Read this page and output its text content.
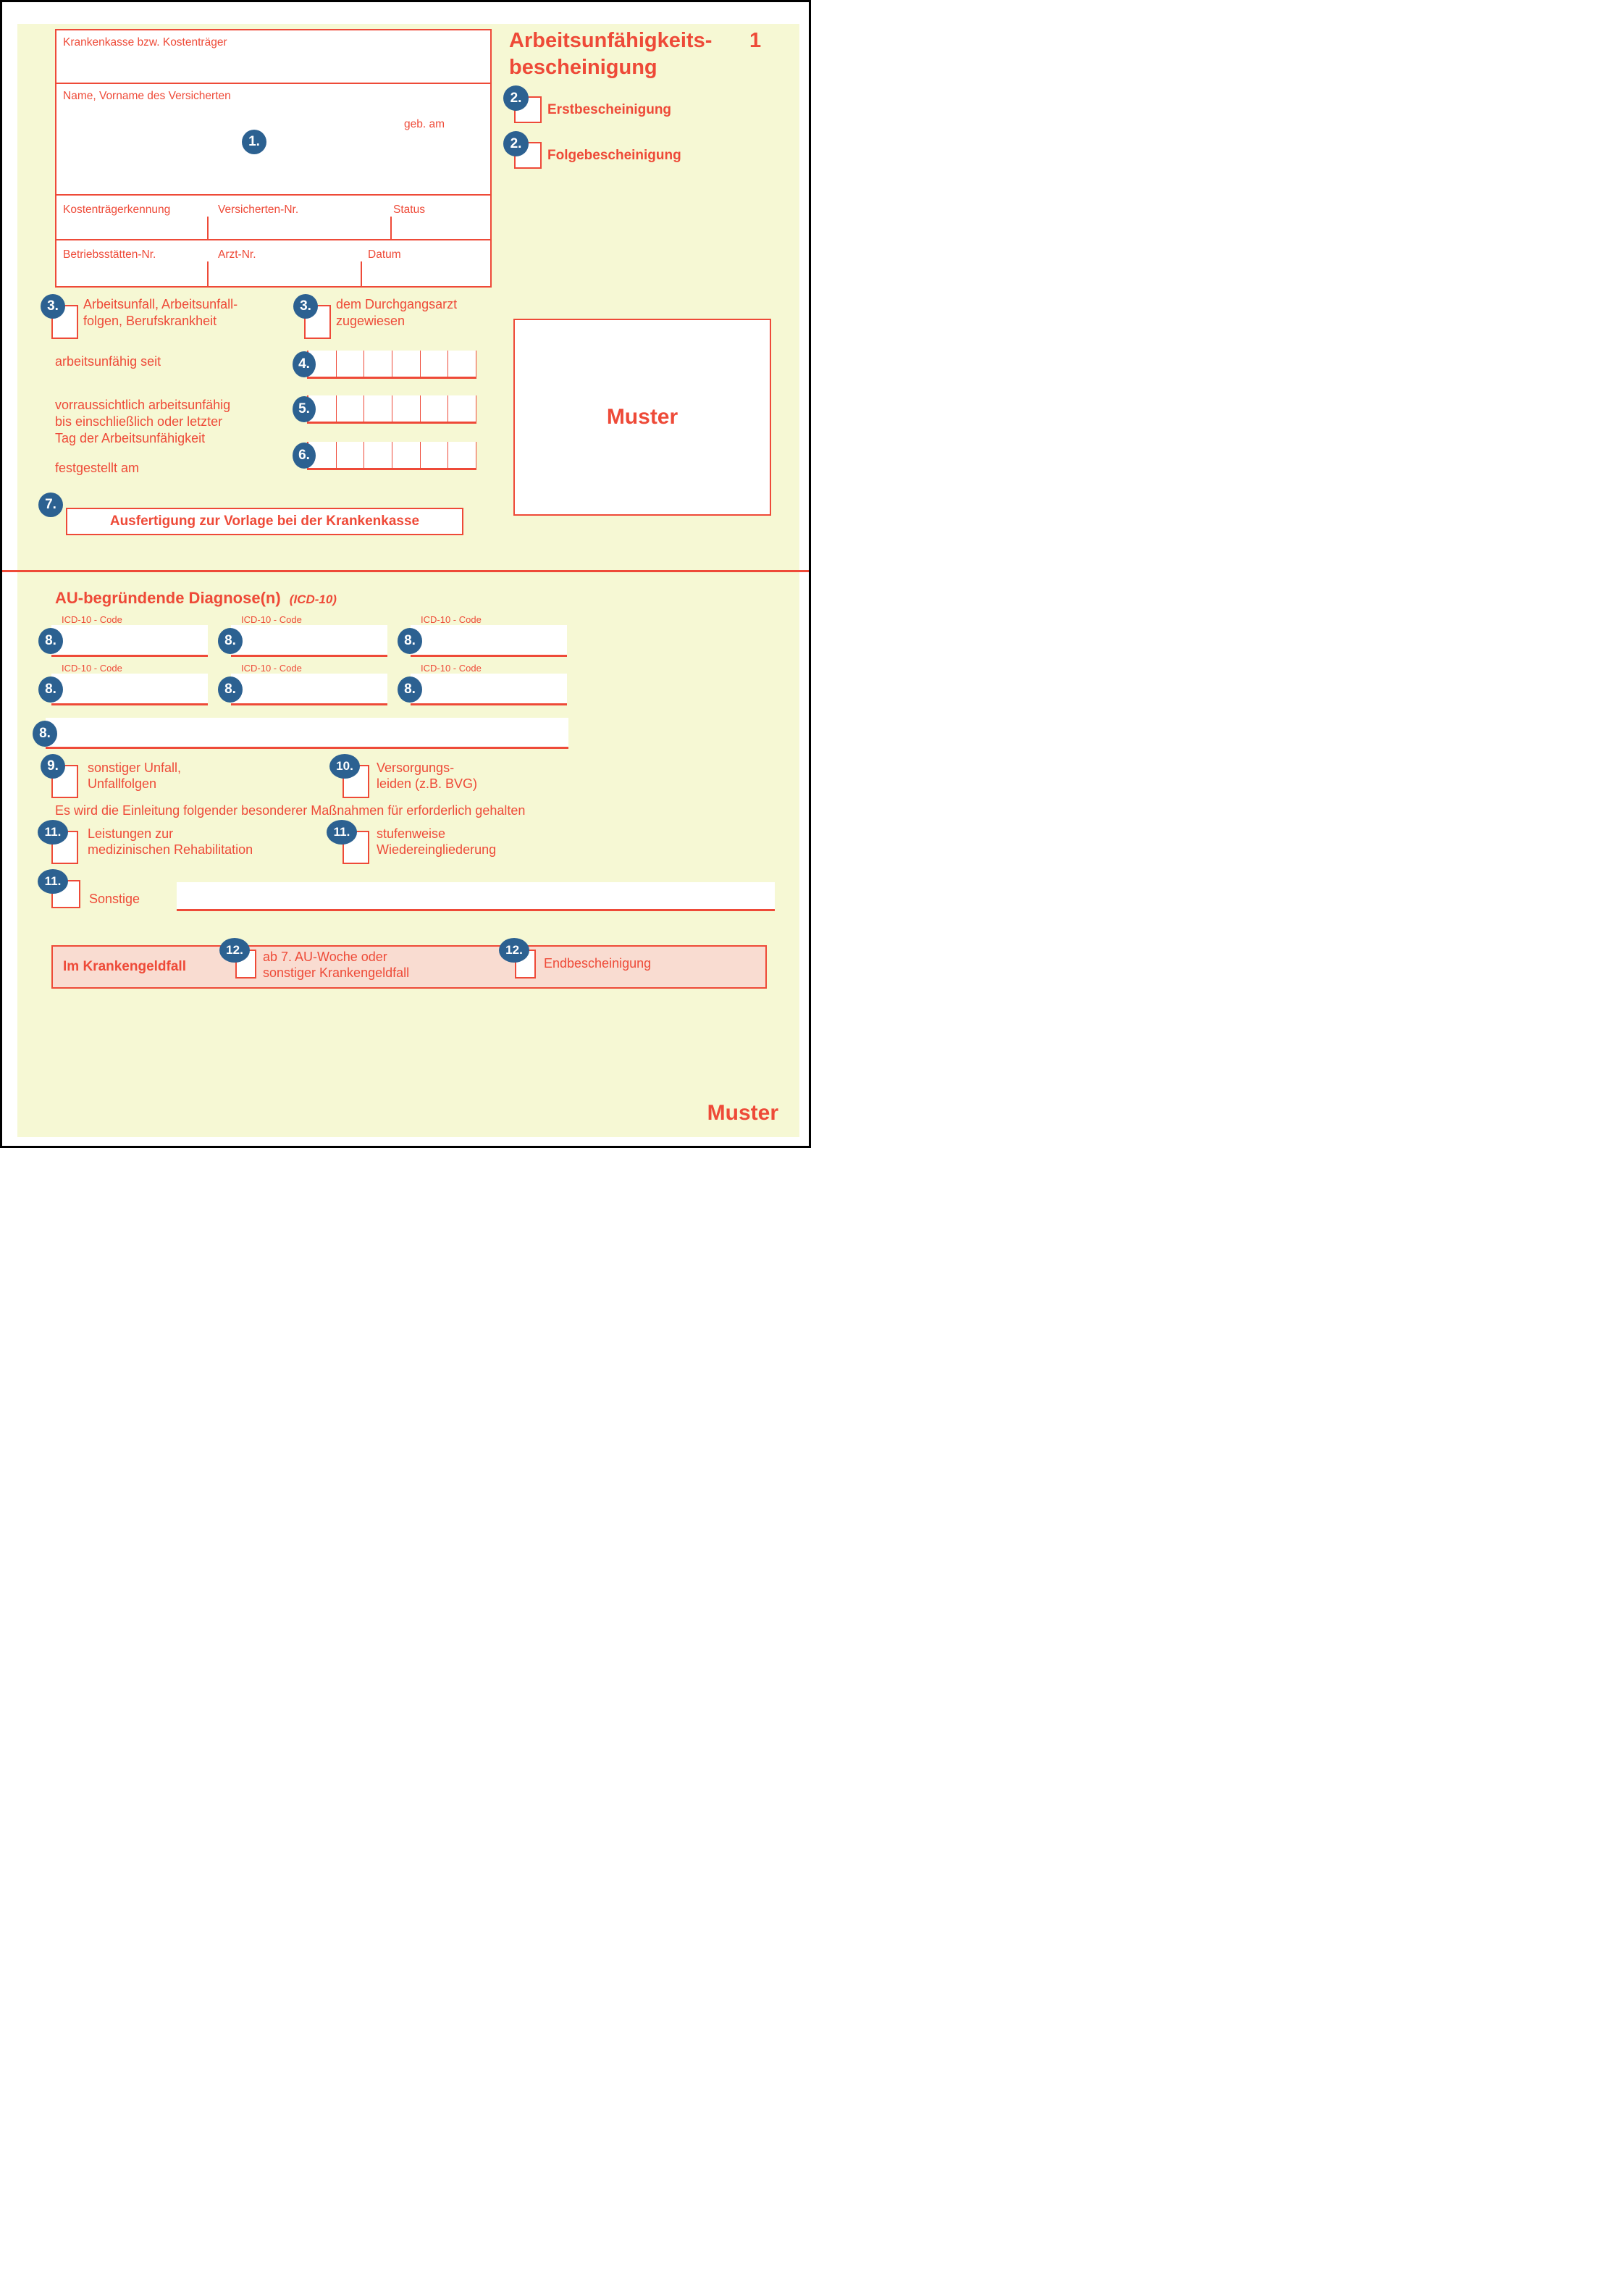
Krankenkasse bzw. Kostenträger
Name, Vorname des Versicherten
geb. am
1.
Kostenträgerkennung	Versicherten-Nr.	Status
Betriebsstätten-Nr.	Arzt-Nr.	Datum
Arbeitsunfähigkeits- 1
bescheinigung
2.
Erstbescheinigung
2.
Folgebescheinigung
3.	Arbeitsunfall, Arbeitsunfall-
folgen, Berufskrankheit
3.	dem Durchgangsarzt
zugewiesen
arbeitsunfähig seit	4.
vorraussichtlich arbeitsunfähig
bis einschließlich oder letzter
Tag der Arbeitsunfähigkeit
5.
festgestellt am
6.
Muster
Ausfertigung zur Vorlage bei der Krankenkasse
7.
AU-begründende Diagnose(n) (ICD-10)
ICD-10 - Code	ICD-10 - Code	ICD-10 - Code
8.	8.	8.
ICD-10 - Code	ICD-10 - Code	ICD-10 - Code
8.	8.	8.
8.
9.	sonstiger Unfall,
Unfallfolgen
10.	Versorgungs-
leiden (z.B. BVG)
Es wird die Einleitung folgender besonderer Maßnahmen für erforderlich gehalten
11.	Leistungen zur
medizinischen Rehabilitation
11.	stufenweise
Wiedereingliederung
11.
Sonstige
Im Krankengeldfall
12.	ab 7. AU-Woche oder
sonstiger Krankengeldfall
12.
Endbescheinigung
Muster
